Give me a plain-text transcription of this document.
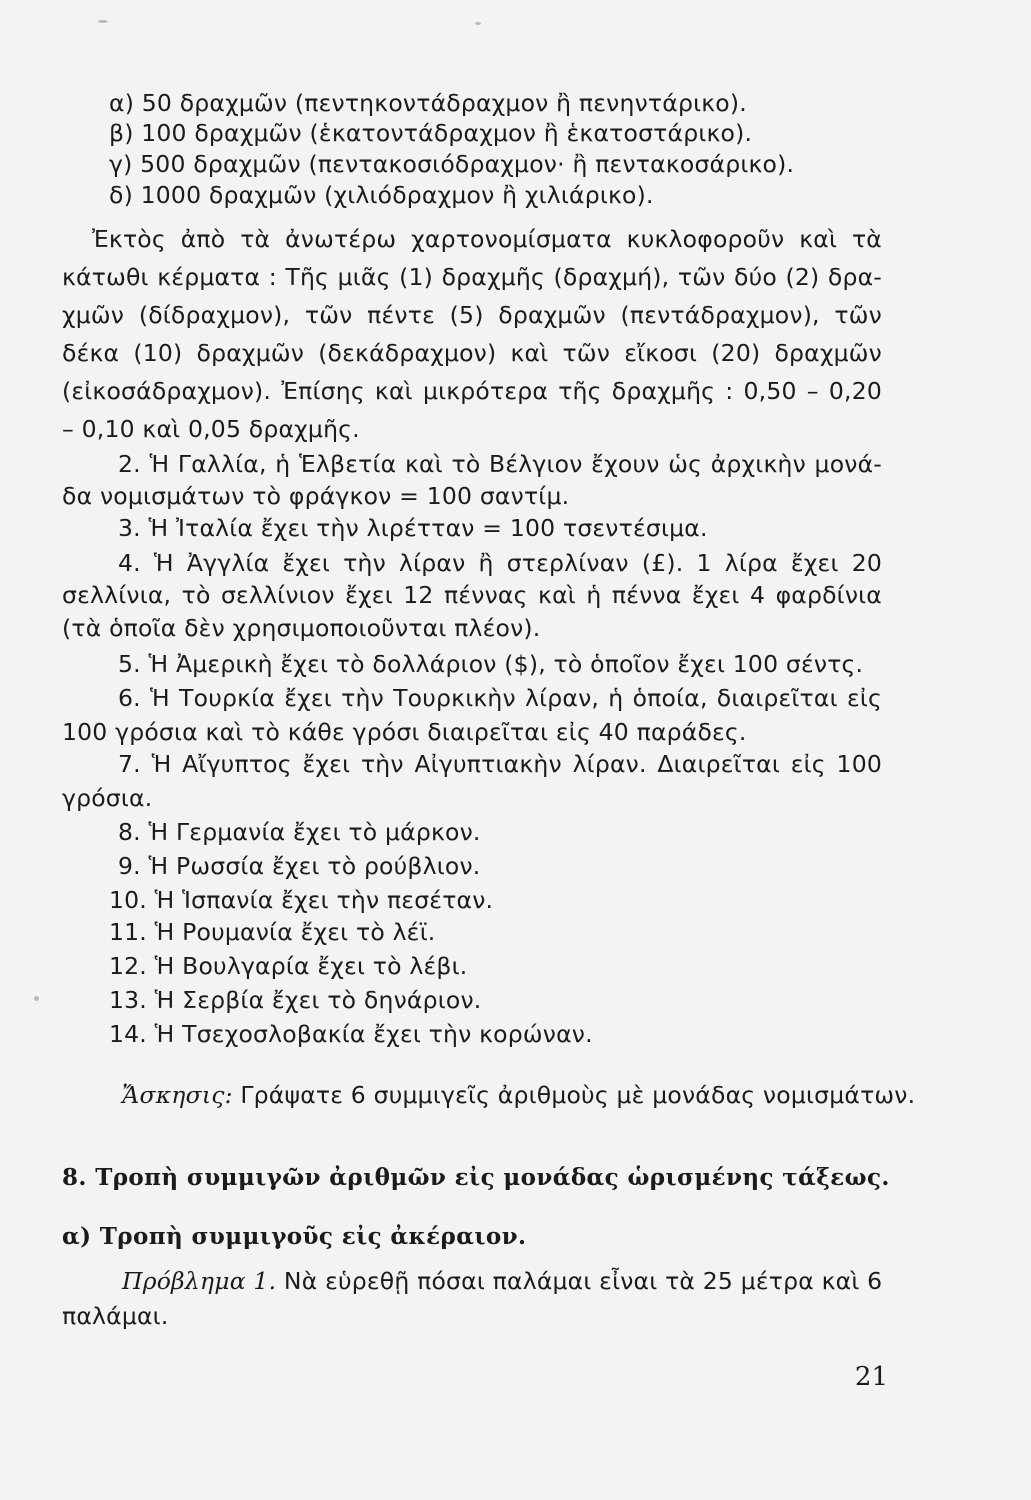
α) 50 δραχμῶν (πεντηκοντάδραχμον ἢ πενηντάρικο).
β) 100 δραχμῶν (ἑκατοντάδραχμον ἢ ἑκατοστάρικο).
γ) 500 δραχμῶν (πεντακοσιόδραχμον· ἢ πεντακοσάρικο).
δ) 1000 δραχμῶν (χιλιόδραχμον ἢ χιλιάρικο).
Ἐκτὸς ἀπὸ τὰ ἀνωτέρω χαρτονομίσματα κυκλοφοροῦν καὶ τὰ
κάτωθι κέρματα : Τῆς μιᾶς (1) δραχμῆς (δραχμή), τῶν δύο (2) δρα-
χμῶν (δίδραχμον), τῶν πέντε (5) δραχμῶν (πεντάδραχμον), τῶν
δέκα (10) δραχμῶν (δεκάδραχμον) καὶ τῶν εἴκοσι (20) δραχμῶν
(εἰκοσάδραχμον). Ἐπίσης καὶ μικρότερα τῆς δραχμῆς : 0,50 – 0,20
– 0,10 καὶ 0,05 δραχμῆς.
2. Ἡ Γαλλία, ἡ Ἑλβετία καὶ τὸ Βέλγιον ἔχουν ὡς ἀρχικὴν μονά-
δα νομισμάτων τὸ φράγκον = 100 σαντίμ.
3. Ἡ Ἰταλία ἔχει τὴν λιρέτταν = 100 τσεντέσιμα.
4. Ἡ Ἀγγλία ἔχει τὴν λίραν ἢ στερλίναν (£). 1 λίρα ἔχει 20
σελλίνια, τὸ σελλίνιον ἔχει 12 πέννας καὶ ἡ πέννα ἔχει 4 φαρδίνια
(τὰ ὁποῖα δὲν χρησιμοποιοῦνται πλέον).
5. Ἡ Ἀμερικὴ ἔχει τὸ δολλάριον ($), τὸ ὁποῖον ἔχει 100 σέντς.
6. Ἡ Τουρκία ἔχει τὴν Τουρκικὴν λίραν, ἡ ὁποία, διαιρεῖται εἰς
100 γρόσια καὶ τὸ κάθε γρόσι διαιρεῖται εἰς 40 παράδες.
7. Ἡ Αἴγυπτος ἔχει τὴν Αἰγυπτιακὴν λίραν. Διαιρεῖται εἰς 100
γρόσια.
8. Ἡ Γερμανία ἔχει τὸ μάρκον.
9. Ἡ Ρωσσία ἔχει τὸ ρούβλιον.
10. Ἡ Ἱσπανία ἔχει τὴν πεσέταν.
11. Ἡ Ρουμανία ἔχει τὸ λέϊ.
12. Ἡ Βουλγαρία ἔχει τὸ λέβι.
13. Ἡ Σερβία ἔχει τὸ δηνάριον.
14. Ἡ Τσεχοσλοβακία ἔχει τὴν κορώναν.
Ἄσκησις: Γράψατε 6 συμμιγεῖς ἀριθμοὺς μὲ μονάδας νομισμάτων.
8. Τροπὴ συμμιγῶν ἀριθμῶν εἰς μονάδας ὡρισμένης τάξεως.
α) Τροπὴ συμμιγοῦς εἰς ἀκέραιον.
Πρόβλημα 1. Νὰ εὑρεθῇ πόσαι παλάμαι εἶναι τὰ 25 μέτρα καὶ 6
παλάμαι.
21
